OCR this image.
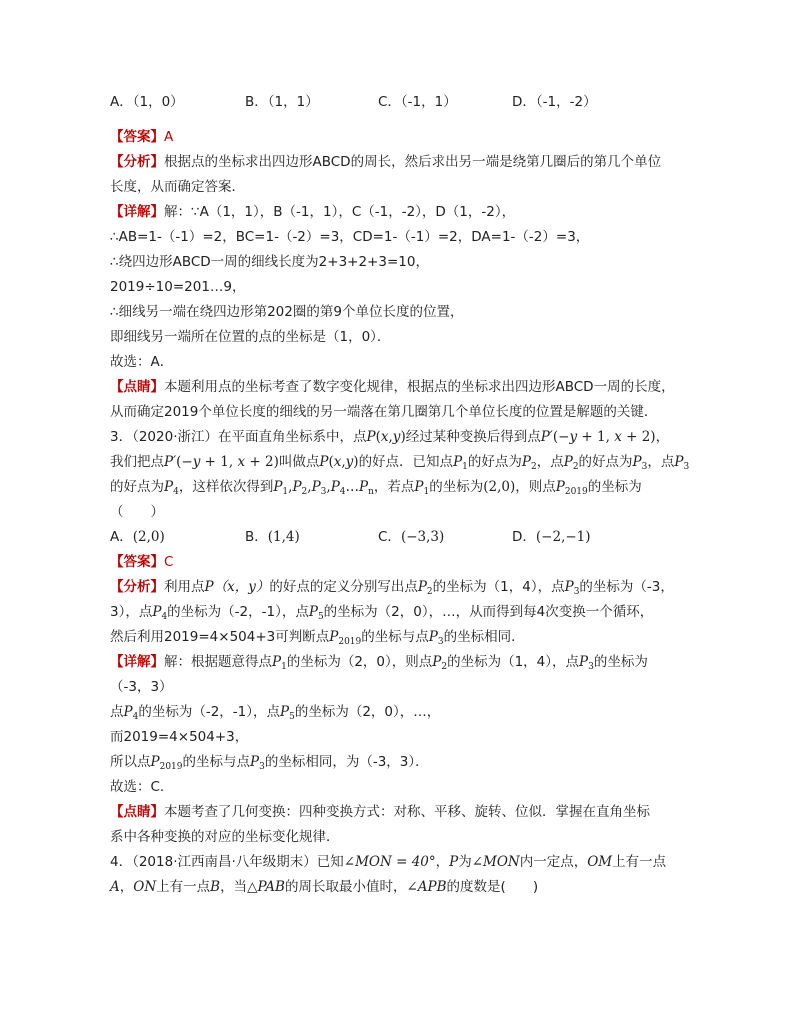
A．（1，0）	B．（1，1）	C．（-1，1）	D．（-1，-2）
【答案】A
【分析】根据点的坐标求出四边形ABCD的周长，然后求出另一端是绕第几圈后的第几个单位
长度，从而确定答案．
【详解】解：∵A（1，1），B（-1，1），C（-1，-2），D（1，-2），
∴AB=1-（-1）=2，BC=1-（-2）=3，CD=1-（-1）=2，DA=1-（-2）=3，
∴绕四边形ABCD一周的细线长度为2+3+2+3=10，
2019÷10=201…9，
∴细线另一端在绕四边形第202圈的第9个单位长度的位置，
即细线另一端所在位置的点的坐标是（1，0）．
故选：A．
【点睛】本题利用点的坐标考查了数字变化规律，根据点的坐标求出四边形ABCD一周的长度，
从而确定2019个单位长度的细线的另一端落在第几圈第几个单位长度的位置是解题的关键．
3．（2020·浙江）在平面直角坐标系中，点P(x,y)经过某种变换后得到点P′(−y + 1, x + 2)，
我们把点P′(−y + 1, x + 2)叫做点P(x,y)的好点．已知点$P_1$的好点为$P_2$，点$P_2$的好点为$P_3$，点$P_3$
的好点为$P_4$，这样依次得到$P_1,P_2,P_3,P_4\dots P_n$，若点$P_1$的坐标为(2,0)，则点$P_{2019}$的坐标为
（　　）
A．(2,0)	B．(1,4)	C．(−3,3)	D．(−2,−1)
【答案】C
【分析】利用点P（x，y）的好点的定义分别写出点$P_2$的坐标为（1，4），点$P_3$的坐标为（-3，
3），点$P_4$的坐标为（-2，-1），点$P_5$的坐标为（2，0），…，从而得到每4次变换一个循环，
然后利用2019=4×504+3可判断点$P_{2019}$的坐标与点$P_3$的坐标相同．
【详解】解：根据题意得点$P_1$的坐标为（2，0），则点$P_2$的坐标为（1，4），点$P_3$的坐标为
（-3，3）
点$P_4$的坐标为（-2，-1），点$P_5$的坐标为（2，0），…，
而2019=4×504+3，
所以点$P_{2019}$的坐标与点$P_3$的坐标相同，为（-3，3）．
故选：C．
【点睛】本题考查了几何变换：四种变换方式：对称、平移、旋转、位似．掌握在直角坐标
系中各种变换的对应的坐标变化规律．
4．（2018·江西南昌·八年级期末）已知∠MON = 40°，P为∠MON内一定点，OM上有一点
A，ON上有一点B，当△PAB的周长取最小值时，∠APB的度数是(　　)
